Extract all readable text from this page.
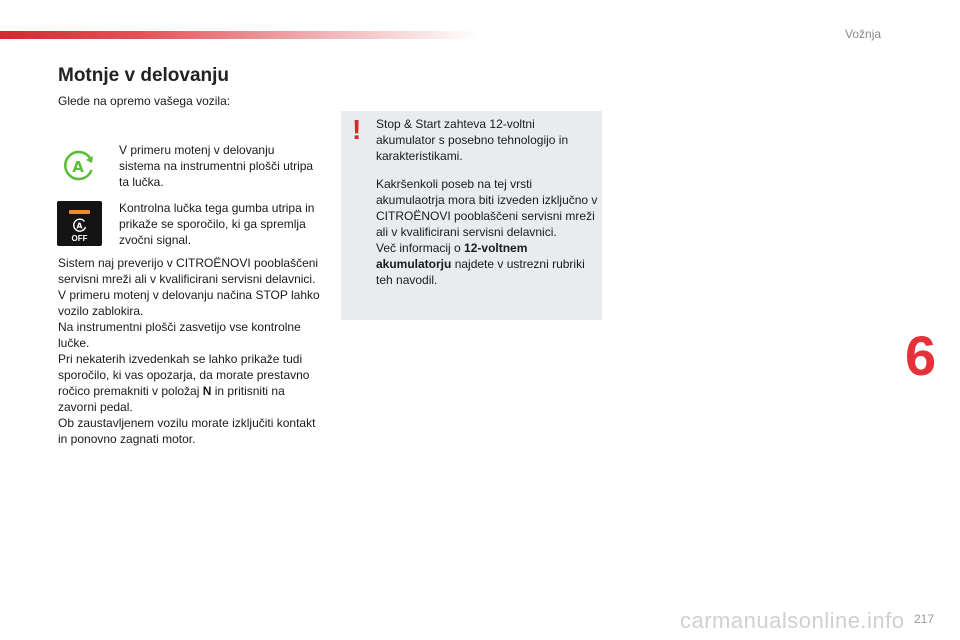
Vožnja
Motnje v delovanju
Glede na opremo vašega vozila:
A
V primeru motenj v delovanju sistema na instrumentni plošči utripa ta lučka.
A
OFF
Kontrolna lučka tega gumba utripa in prikaže se sporočilo, ki ga spremlja zvočni signal.

Sistem naj preverijo v CITROËNOVI pooblaščeni servisni mreži ali v kvalificirani servisni delavnici.

V primeru motenj v delovanju načina STOP lahko vozilo zablokira.

Na instrumentni plošči zasvetijo vse kontrolne lučke.

Pri nekaterih izvedenkah se lahko prikaže tudi sporočilo, ki vas opozarja, da morate prestavno ročico premakniti v položaj N in pritisniti na zavorni pedal.

Ob zaustavljenem vozilu morate izključiti kontakt in ponovno zagnati motor.

! Stop & Start zahteva 12-voltni akumulator s posebno tehnologijo in karakteristikami.

Kakršenkoli poseb na tej vrsti akumulaotrja mora biti izveden izključno v CITROËNOVI pooblaščeni servisni mreži ali v kvalificirani servisni delavnici.

Več informacij o 12-voltnem akumulatorju najdete v ustrezni rubriki teh navodil.

6
carmanualsonline.info 217
